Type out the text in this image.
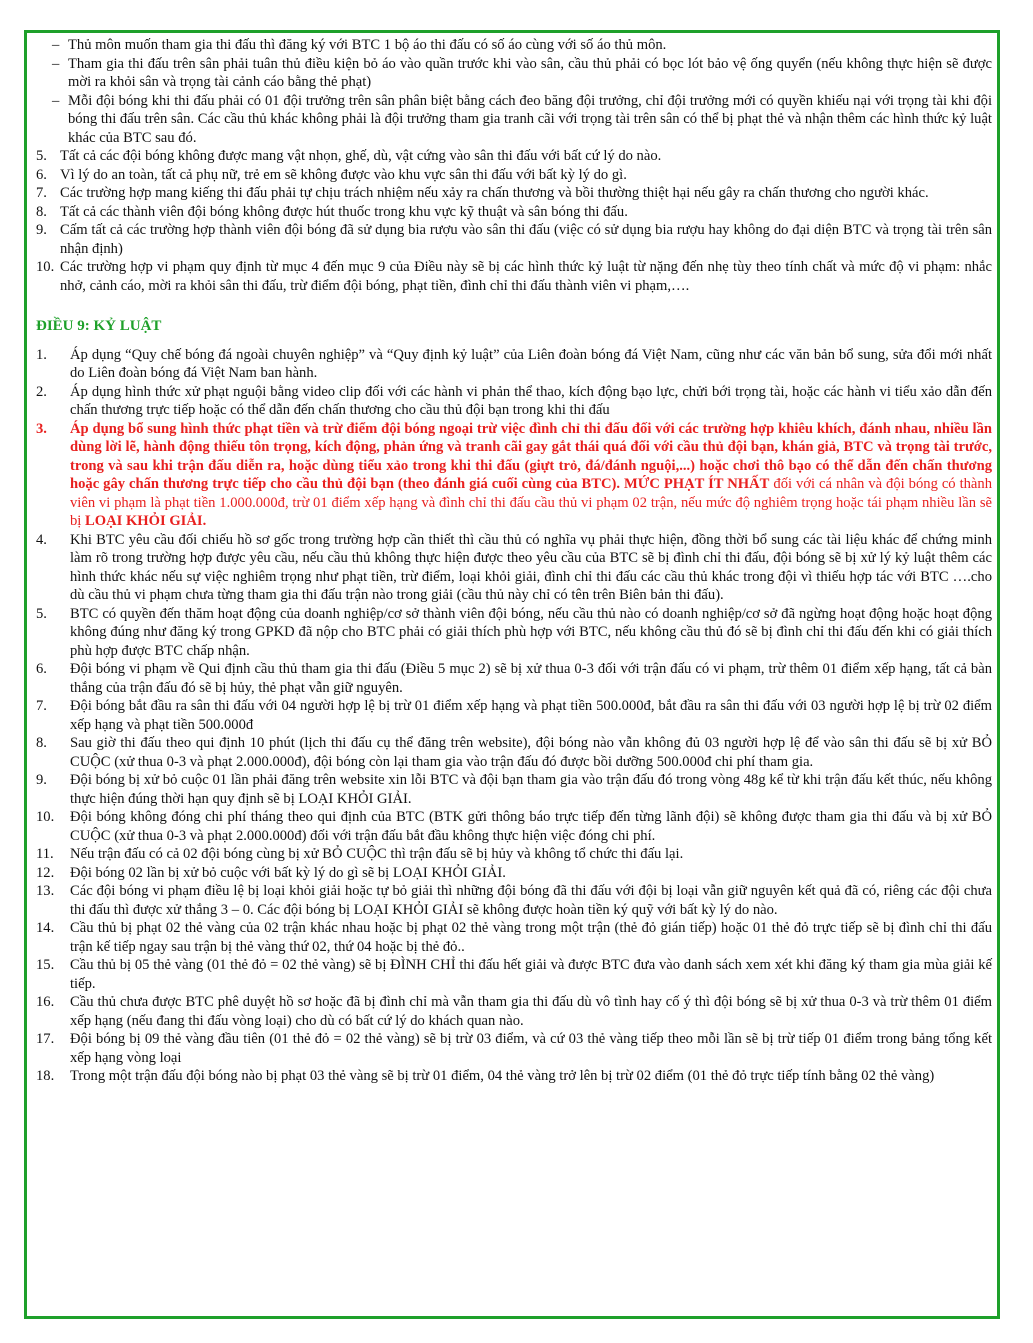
– Thủ môn muốn tham gia thi đấu thì đăng ký với BTC 1 bộ áo thi đấu có số áo cùng với số áo thủ môn.
– Tham gia thi đấu trên sân phải tuân thủ điều kiện bỏ áo vào quần trước khi vào sân, cầu thủ phải có bọc lót bảo vệ ống quyển (nếu không thực hiện sẽ được mời ra khỏi sân và trọng tài cảnh cáo bằng thẻ phạt)
– Mỗi đội bóng khi thi đấu phải có 01 đội trưởng trên sân phân biệt bằng cách đeo băng đội trưởng, chỉ đội trưởng mới có quyền khiếu nại với trọng tài khi đội bóng thi đấu trên sân. Các cầu thủ khác không phải là đội trưởng tham gia tranh cãi với trọng tài trên sân có thể bị phạt thẻ và nhận thêm các hình thức kỷ luật khác của BTC sau đó.
5. Tất cả các đội bóng không được mang vật nhọn, ghế, dù, vật cứng vào sân thi đấu với bất cứ lý do nào.
6. Vì lý do an toàn, tất cả phụ nữ, trẻ em sẽ không được vào khu vực sân thi đấu với bất kỳ lý do gì.
7. Các trường hợp mang kiếng thi đấu phải tự chịu trách nhiệm nếu xảy ra chấn thương và bồi thường thiệt hại nếu gây ra chấn thương cho người khác.
8. Tất cả các thành viên đội bóng không được hút thuốc trong khu vực kỹ thuật và sân bóng thi đấu.
9. Cấm tất cả các trường hợp thành viên đội bóng đã sử dụng bia rượu vào sân thi đấu (việc có sử dụng bia rượu hay không do đại diện BTC và trọng tài trên sân nhận định)
10. Các trường hợp vi phạm quy định từ mục 4 đến mục 9 của Điều này sẽ bị các hình thức kỷ luật từ nặng đến nhẹ tùy theo tính chất và mức độ vi phạm: nhắc nhở, cảnh cáo, mời ra khỏi sân thi đấu, trừ điểm đội bóng, phạt tiền, đình chỉ thi đấu thành viên vi phạm,….
ĐIỀU 9: KỶ LUẬT
1. Áp dụng “Quy chế bóng đá ngoài chuyên nghiệp” và “Quy định kỷ luật” của Liên đoàn bóng đá Việt Nam, cũng như các văn bản bổ sung, sửa đổi mới nhất do Liên đoàn bóng đá Việt Nam ban hành.
2. Áp dụng hình thức xử phạt nguội bằng video clip đối với các hành vi phản thể thao, kích động bạo lực, chửi bới trọng tài, hoặc các hành vi tiểu xảo dẫn đến chấn thương trực tiếp hoặc có thể dẫn đến chấn thương cho cầu thủ đội bạn trong khi thi đấu
3. Áp dụng bổ sung hình thức phạt tiền và trừ điểm đội bóng ngoại trừ việc đình chỉ thi đấu đối với các trường hợp khiêu khích, đánh nhau, nhiều lần dùng lời lẽ, hành động thiếu tôn trọng, kích động, phản ứng và tranh cãi gay gắt thái quá đối với cầu thủ đội bạn, khán giả, BTC và trọng tài trước, trong và sau khi trận đấu diễn ra, hoặc dùng tiểu xảo trong khi thi đấu (giựt trỏ, đá/đánh nguội,...) hoặc chơi thô bạo có thể dẫn đến chấn thương hoặc gây chấn thương trực tiếp cho cầu thủ đội bạn (theo đánh giá cuối cùng của BTC). MỨC PHẠT ÍT NHẤT đối với cá nhân và đội bóng có thành viên vi phạm là phạt tiền 1.000.000đ, trừ 01 điểm xếp hạng và đình chỉ thi đấu cầu thủ vi phạm 02 trận, nếu mức độ nghiêm trọng hoặc tái phạm nhiều lần sẽ bị LOẠI KHỎI GIẢI.
4. Khi BTC yêu cầu đối chiếu hồ sơ gốc trong trường hợp cần thiết thì cầu thủ có nghĩa vụ phải thực hiện, đồng thời bổ sung các tài liệu khác để chứng minh làm rõ trong trường hợp được yêu cầu, nếu cầu thủ không thực hiện được theo yêu cầu của BTC sẽ bị đình chỉ thi đấu, đội bóng sẽ bị xử lý kỷ luật thêm các hình thức khác nếu sự việc nghiêm trọng như phạt tiền, trừ điểm, loại khỏi giải, đình chỉ thi đấu các cầu thủ khác trong đội vì thiếu hợp tác với BTC ….cho dù cầu thủ vi phạm chưa từng tham gia thi đấu trận nào trong giải (cầu thủ này chỉ có tên trên Biên bản thi đấu).
5. BTC có quyền đến thăm hoạt động của doanh nghiệp/cơ sở thành viên đội bóng, nếu cầu thủ nào có doanh nghiệp/cơ sở đã ngừng hoạt động hoặc hoạt động không đúng như đăng ký trong GPKD đã nộp cho BTC phải có giải thích phù hợp với BTC, nếu không cầu thủ đó sẽ bị đình chỉ thi đấu đến khi có giải thích phù hợp được BTC chấp nhận.
6. Đội bóng vi phạm về Qui định cầu thủ tham gia thi đấu (Điều 5 mục 2) sẽ bị xử thua 0-3 đối với trận đấu có vi phạm, trừ thêm 01 điểm xếp hạng, tất cả bàn thắng của trận đấu đó sẽ bị hủy, thẻ phạt vẫn giữ nguyên.
7. Đội bóng bắt đầu ra sân thi đấu với 04 người hợp lệ bị trừ 01 điểm xếp hạng và phạt tiền 500.000đ, bắt đầu ra sân thi đấu với 03 người hợp lệ bị trừ 02 điểm xếp hạng và phạt tiền 500.000đ
8. Sau giờ thi đấu theo qui định 10 phút (lịch thi đấu cụ thể đăng trên website), đội bóng nào vẫn không đủ 03 người hợp lệ để vào sân thi đấu sẽ bị xử BỎ CUỘC (xử thua 0-3 và phạt 2.000.000đ), đội bóng còn lại tham gia vào trận đấu đó được bồi dưỡng 500.000đ chi phí tham gia.
9. Đội bóng bị xử bỏ cuộc 01 lần phải đăng trên website xin lỗi BTC và đội bạn tham gia vào trận đấu đó trong vòng 48g kể từ khi trận đấu kết thúc, nếu không thực hiện đúng thời hạn quy định sẽ bị LOẠI KHỎI GIẢI.
10. Đội bóng không đóng chi phí tháng theo qui định của BTC (BTK gửi thông báo trực tiếp đến từng lãnh đội) sẽ không được tham gia thi đấu và bị xử BỎ CUỘC (xử thua 0-3 và phạt 2.000.000đ) đối với trận đấu bắt đầu không thực hiện việc đóng chi phí.
11. Nếu trận đấu có cả 02 đội bóng cùng bị xử BỎ CUỘC thì trận đấu sẽ bị hủy và không tổ chức thi đấu lại.
12. Đội bóng 02 lần bị xử bỏ cuộc với bất kỳ lý do gì sẽ bị LOẠI KHỎI GIẢI.
13. Các đội bóng vi phạm điều lệ bị loại khỏi giải hoặc tự bỏ giải thì những đội bóng đã thi đấu với đội bị loại vẫn giữ nguyên kết quả đã có, riêng các đội chưa thi đấu thì được xử thắng 3 – 0. Các đội bóng bị LOẠI KHỎI GIẢI sẽ không được hoàn tiền ký quỹ với bất kỳ lý do nào.
14. Cầu thủ bị phạt 02 thẻ vàng của 02 trận khác nhau hoặc bị phạt 02 thẻ vàng trong một trận (thẻ đỏ gián tiếp) hoặc 01 thẻ đỏ trực tiếp sẽ bị đình chỉ thi đấu trận kế tiếp ngay sau trận bị thẻ vàng thứ 02, thứ 04 hoặc bị thẻ đỏ..
15. Cầu thủ bị 05 thẻ vàng (01 thẻ đỏ = 02 thẻ vàng) sẽ bị ĐÌNH CHỈ thi đấu hết giải và được BTC đưa vào danh sách xem xét khi đăng ký tham gia mùa giải kế tiếp.
16. Cầu thủ chưa được BTC phê duyệt hồ sơ hoặc đã bị đình chỉ mà vẫn tham gia thi đấu dù vô tình hay cố ý thì đội bóng sẽ bị xử thua 0-3 và trừ thêm 01 điểm xếp hạng (nếu đang thi đấu vòng loại) cho dù có bất cứ lý do khách quan nào.
17. Đội bóng bị 09 thẻ vàng đầu tiên (01 thẻ đỏ = 02 thẻ vàng) sẽ bị trừ 03 điểm, và cứ 03 thẻ vàng tiếp theo mỗi lần sẽ bị trừ tiếp 01 điểm trong bảng tổng kết xếp hạng vòng loại
18. Trong một trận đấu đội bóng nào bị phạt 03 thẻ vàng sẽ bị trừ 01 điểm, 04 thẻ vàng trở lên bị trừ 02 điểm (01 thẻ đỏ trực tiếp tính bằng 02 thẻ vàng)
